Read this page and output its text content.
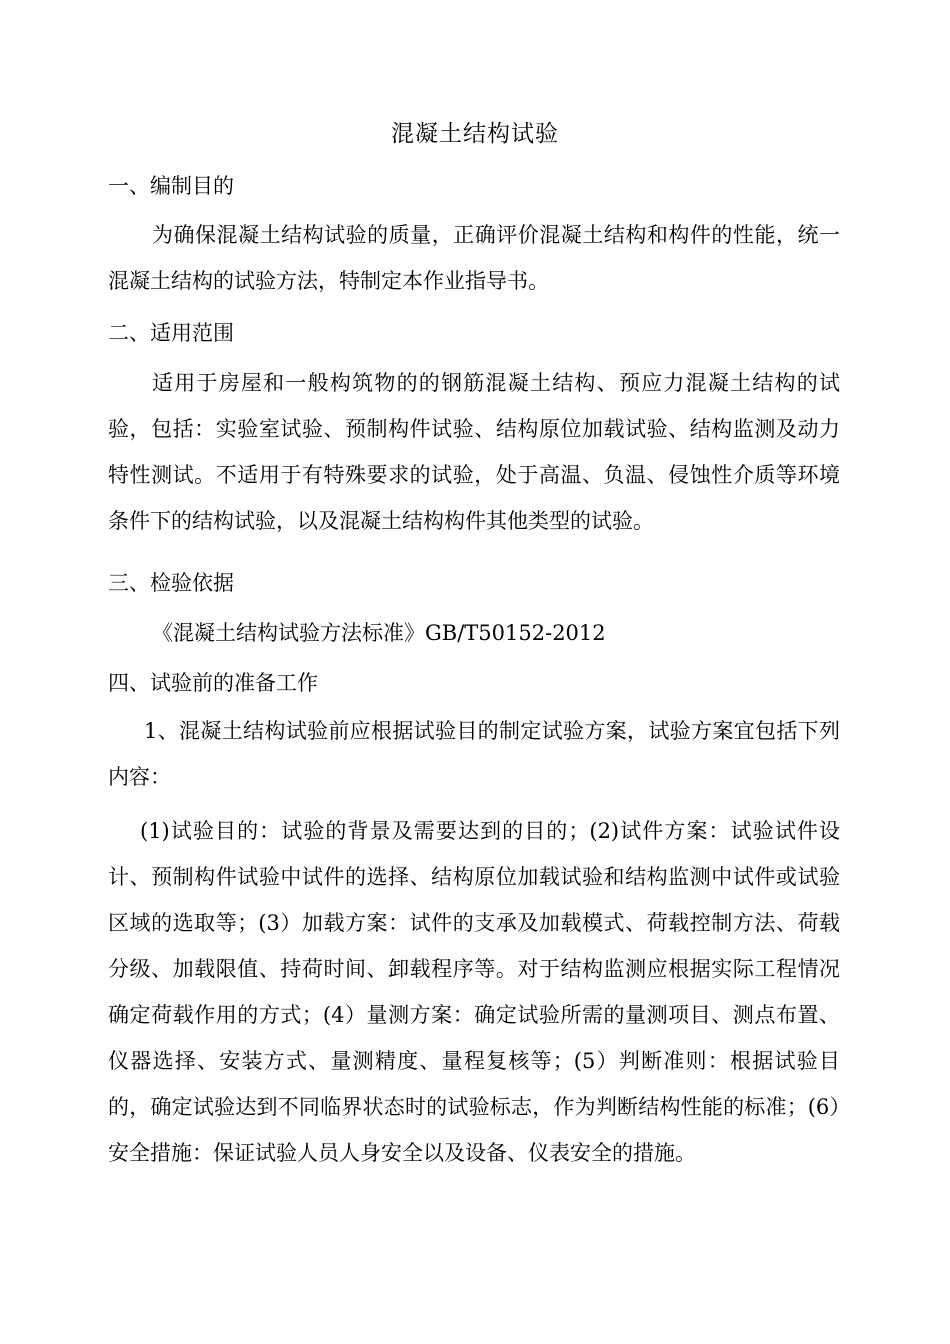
混凝土结构试验
一、编制目的

为确保混凝土结构试验的质量，正确评价混凝土结构和构件的性能，统一混凝土结构的试验方法，特制定本作业指导书。

二、适用范围

适用于房屋和一般构筑物的的钢筋混凝土结构、预应力混凝土结构的试验，包括：实验室试验、预制构件试验、结构原位加载试验、结构监测及动力特性测试。不适用于有特殊要求的试验，处于高温、负温、侵蚀性介质等环境条件下的结构试验，以及混凝土结构构件其他类型的试验。

三、检验依据
《混凝土结构试验方法标准》GB/T50152-2012
四、试验前的准备工作

1、混凝土结构试验前应根据试验目的制定试验方案，试验方案宜包括下列内容：

(1)试验目的：试验的背景及需要达到的目的；(2)试件方案：试验试件设计、预制构件试验中试件的选择、结构原位加载试验和结构监测中试件或试验区域的选取等；(3）加载方案：试件的支承及加载模式、荷载控制方法、荷载分级、加载限值、持荷时间、卸载程序等。对于结构监测应根据实际工程情况确定荷载作用的方式；(4）量测方案：确定试验所需的量测项目、测点布置、仪器选择、安装方式、量测精度、量程复核等；(5）判断准则：根据试验目的，确定试验达到不同临界状态时的试验标志，作为判断结构性能的标准；(6）安全措施：保证试验人员人身安全以及设备、仪表安全的措施。
